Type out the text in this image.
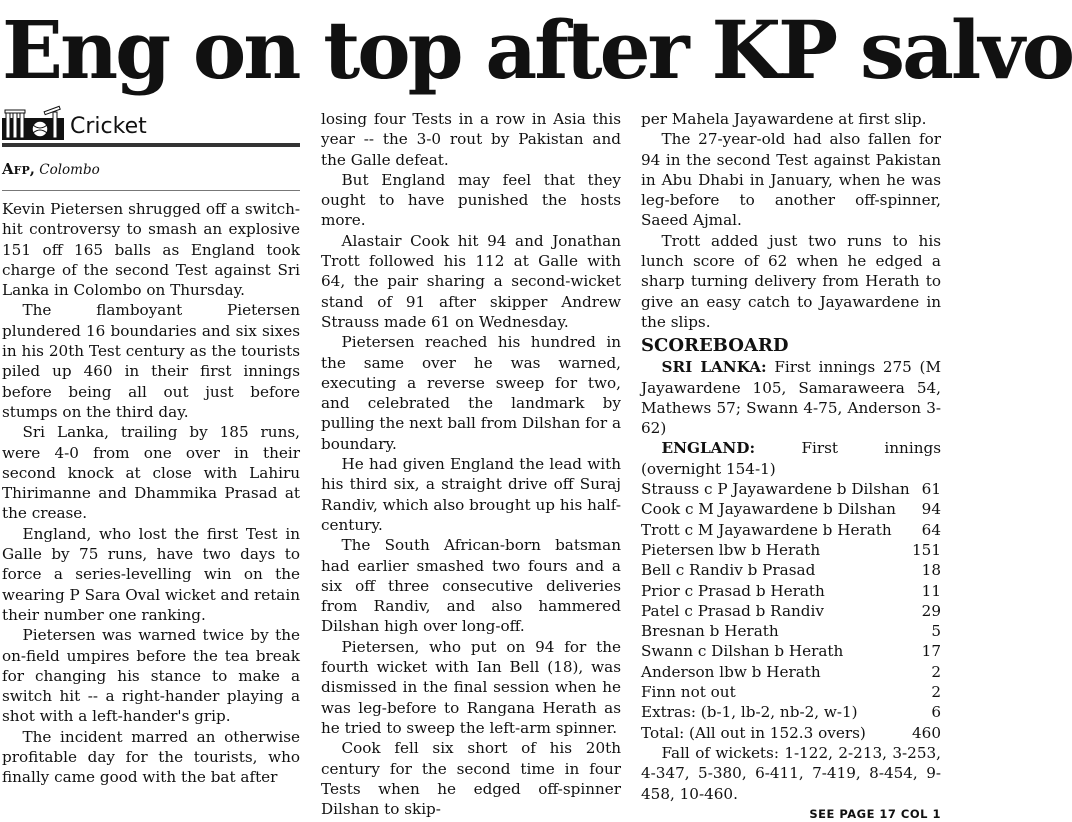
Eng on top after KP salvo
Cricket
Afp, Colombo

Kevin Pietersen shrugged off a switch-hit controversy to smash an explosive 151 off 165 balls as England took charge of the second Test against Sri Lanka in Colombo on Thursday.

The flamboyant Pietersen plundered 16 boundaries and six sixes in his 20th Test century as the tourists piled up 460 in their first innings before being all out just before stumps on the third day.

Sri Lanka, trailing by 185 runs, were 4-0 from one over in their second knock at close with Lahiru Thirimanne and Dhammika Prasad at the crease.

England, who lost the first Test in Galle by 75 runs, have two days to force a series-levelling win on the wearing P Sara Oval wicket and retain their number one ranking.

Pietersen was warned twice by the on-field umpires before the tea break for changing his stance to make a switch hit -- a right-hander playing a shot with a left-hander's grip.

The incident marred an otherwise profitable day for the tourists, who finally came good with the bat after

losing four Tests in a row in Asia this year -- the 3-0 rout by Pakistan and the Galle defeat.

But England may feel that they ought to have punished the hosts more.

Alastair Cook hit 94 and Jonathan Trott followed his 112 at Galle with 64, the pair sharing a second-wicket stand of 91 after skipper Andrew Strauss made 61 on Wednesday.

Pietersen reached his hundred in the same over he was warned, executing a reverse sweep for two, and celebrated the landmark by pulling the next ball from Dilshan for a boundary.

He had given England the lead with his third six, a straight drive off Suraj Randiv, which also brought up his half-century.

The South African-born batsman had earlier smashed two fours and a six off three consecutive deliveries from Randiv, and also hammered Dilshan high over long-off.

Pietersen, who put on 94 for the fourth wicket with Ian Bell (18), was dismissed in the final session when he was leg-before to Rangana Herath as he tried to sweep the left-arm spinner.

Cook fell six short of his 20th century for the second time in four Tests when he edged off-spinner Dilshan to skip-

per Mahela Jayawardene at first slip.

The 27-year-old had also fallen for 94 in the second Test against Pakistan in Abu Dhabi in January, when he was leg-before to another off-spinner, Saeed Ajmal.

Trott added just two runs to his lunch score of 62 when he edged a sharp turning delivery from Herath to give an easy catch to Jayawardene in the slips.

SCOREBOARD

SRI LANKA: First innings 275 (M Jayawardene 105, Samaraweera 54, Mathews 57; Swann 4-75, Anderson 3-62)

ENGLAND:	First innings (overnight 154-1)

Strauss c P Jayawardene b Dilshan 61
Cook c M Jayawardene b Dilshan	94
Trott c M Jayawardene b Herath	64
Pietersen lbw b Herath	151
Bell c Randiv b Prasad	18
Prior c Prasad b Herath	11
Patel c Prasad b Randiv	29
Bresnan b Herath	5
Swann c Dilshan b Herath	17
Anderson lbw b Herath	2
Finn not out	2
Extras: (b-1, lb-2, nb-2, w-1)	6
Total: (All out in 152.3 overs)	460

Fall of wickets: 1-122, 2-213, 3-253, 4-347, 5-380, 6-411, 7-419, 8-454, 9-458, 10-460.

SEE PAGE 17 COL 1
